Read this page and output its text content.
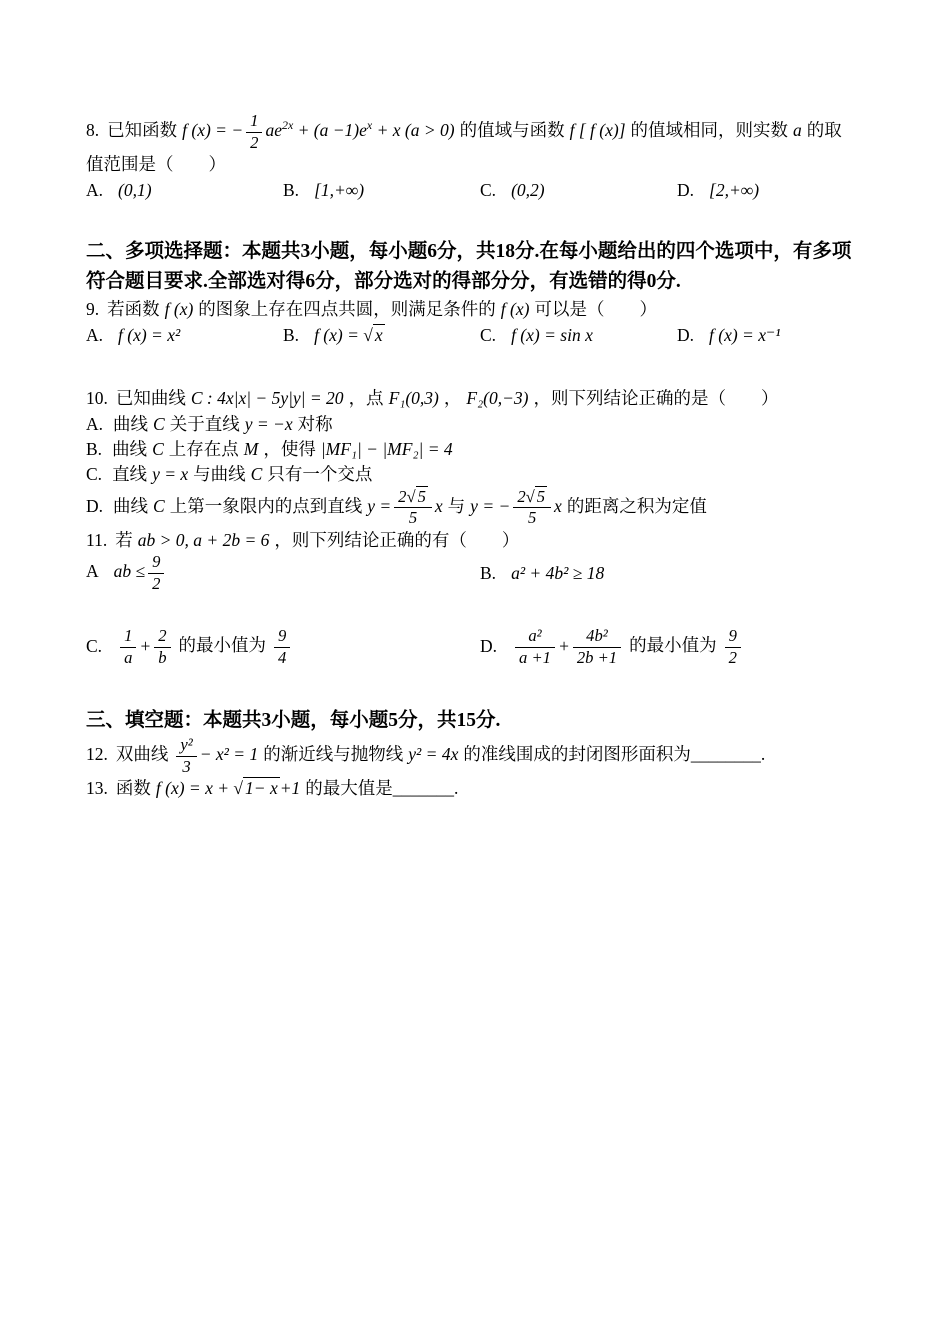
8. 已知函数 f (x) = − $\frac{1}{2} ae^{2x} + (a -1)e^x + x$ (a > 0) 的值域与函数 f [ f (x)] 的值域相同，则实数 a 的取

值范围是（　　）

A. (0,1)	B. [1,+∞)	C. (0,2)	D. [2,+∞)

二、多项选择题：本题共3小题，每小题6分，共18分.在每小题给出的四个选项中，有多项

符合题目要求.全部选对得6分，部分选对的得部分分，有选错的得0分.

9. 若函数 f (x) 的图象上存在四点共圆，则满足条件的 f (x) 可以是（　　）

A. f (x) = x²	B. f (x) = √ x	C. f (x) = sin x	D. f (x) = x⁻¹

10. 已知曲线 C : 4x|x| − 5y|y| = 20 ，点 F₁(0,3) ， F₂(0,−3) ，则下列结论正确的是（　　）

A. 曲线 C 关于直线 y = −x 对称

B. 曲线 C 上存在点 M ，使得 |MF₁| − |MF₂| = 4

C. 直线 y = x 与曲线 C 只有一个交点

D. 曲线 C 上第一象限内的点到直线 $y = \frac{2√ 5}{5}$ x 与 y = − $\frac{2√ 5}{5}$ x 的距离之积为定值

11. 若 ab > 0, a + 2b = 6 ，则下列结论正确的有（　　）

A ab ≤ $\frac{9}{2}$	B. a² + 4b² ≥ 18
C. $\frac{1}{a} + \frac{2}{b}$ 的最小值为 $\frac{9}{4}$	D. $\frac{\text{a²}}{a +1} + \frac{\text{4b²}}{2b +1}$ 的最小值为 $\frac{9}{2}$

三、填空题：本题共3小题，每小题5分，共15分.

12. 双曲线 $\frac{\text{y²}}{3} - x^2 = 1$ 的渐近线与抛物线 y² = 4x 的准线围成的封闭图形面积为________.

13. 函数 f (x) = x + √ 1− x +1 的最大值是_______.
